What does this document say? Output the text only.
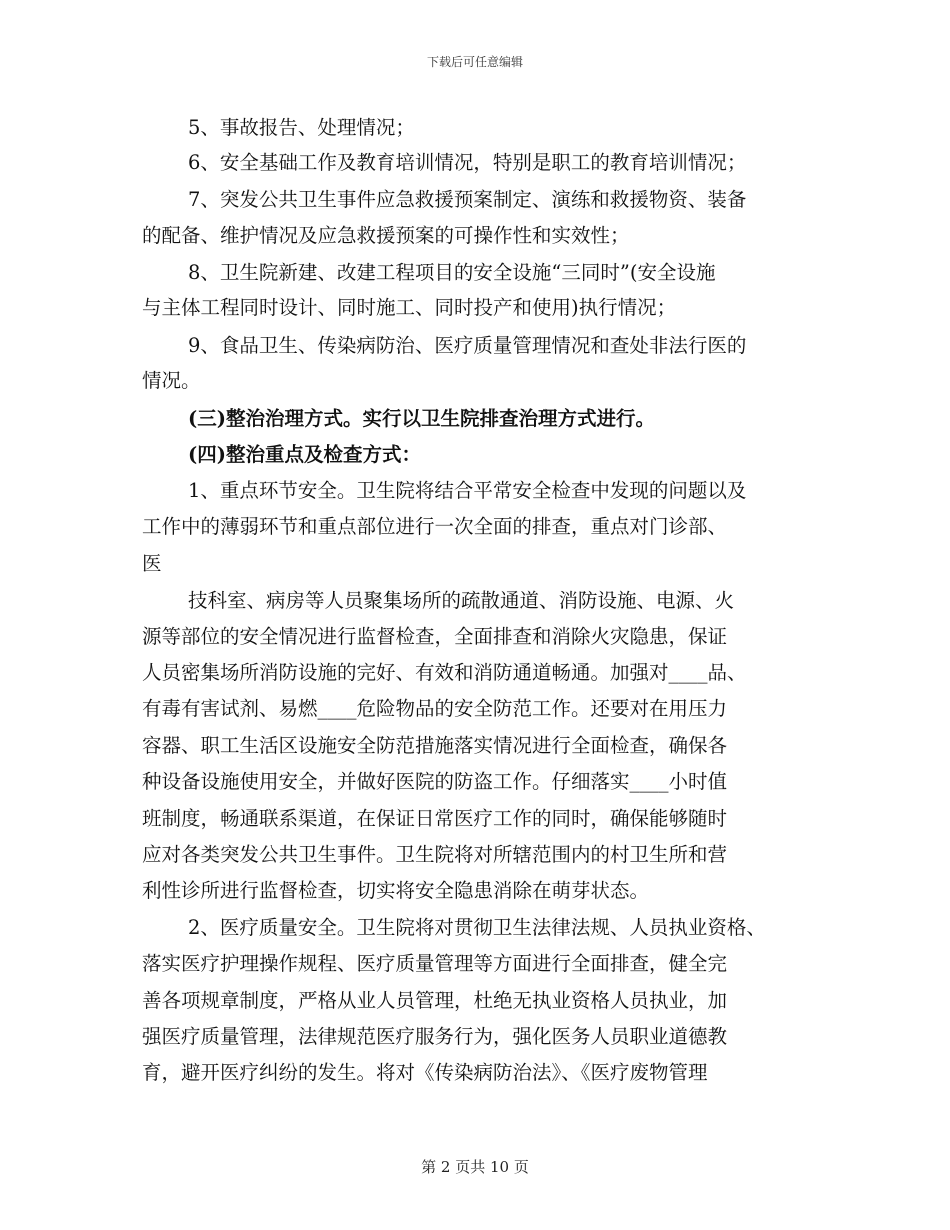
下载后可任意编辑
5、事故报告、处理情况；
6、安全基础工作及教育培训情况，特别是职工的教育培训情况；
7、突发公共卫生事件应急救援预案制定、演练和救援物资、装备
的配备、维护情况及应急救援预案的可操作性和实效性；
8、卫生院新建、改建工程项目的安全设施“三同时”(安全设施
与主体工程同时设计、同时施工、同时投产和使用)执行情况；
9、食品卫生、传染病防治、医疗质量管理情况和查处非法行医的
情况。
(三)整治治理方式。实行以卫生院排查治理方式进行。
(四)整治重点及检查方式：
1、重点环节安全。卫生院将结合平常安全检查中发现的问题以及
工作中的薄弱环节和重点部位进行一次全面的排查，重点对门诊部、
医
技科室、病房等人员聚集场所的疏散通道、消防设施、电源、火
源等部位的安全情况进行监督检查，全面排查和消除火灾隐患，保证
人员密集场所消防设施的完好、有效和消防通道畅通。加强对____品、
有毒有害试剂、易燃____危险物品的安全防范工作。还要对在用压力
容器、职工生活区设施安全防范措施落实情况进行全面检查，确保各
种设备设施使用安全，并做好医院的防盗工作。仔细落实____小时值
班制度，畅通联系渠道，在保证日常医疗工作的同时，确保能够随时
应对各类突发公共卫生事件。卫生院将对所辖范围内的村卫生所和营
利性诊所进行监督检查，切实将安全隐患消除在萌芽状态。
2、医疗质量安全。卫生院将对贯彻卫生法律法规、人员执业资格、
落实医疗护理操作规程、医疗质量管理等方面进行全面排查，健全完
善各项规章制度，严格从业人员管理，杜绝无执业资格人员执业，加
强医疗质量管理，法律规范医疗服务行为，强化医务人员职业道德教
育，避开医疗纠纷的发生。将对《传染病防治法》、《医疗废物管理
第 2 页共 10 页
